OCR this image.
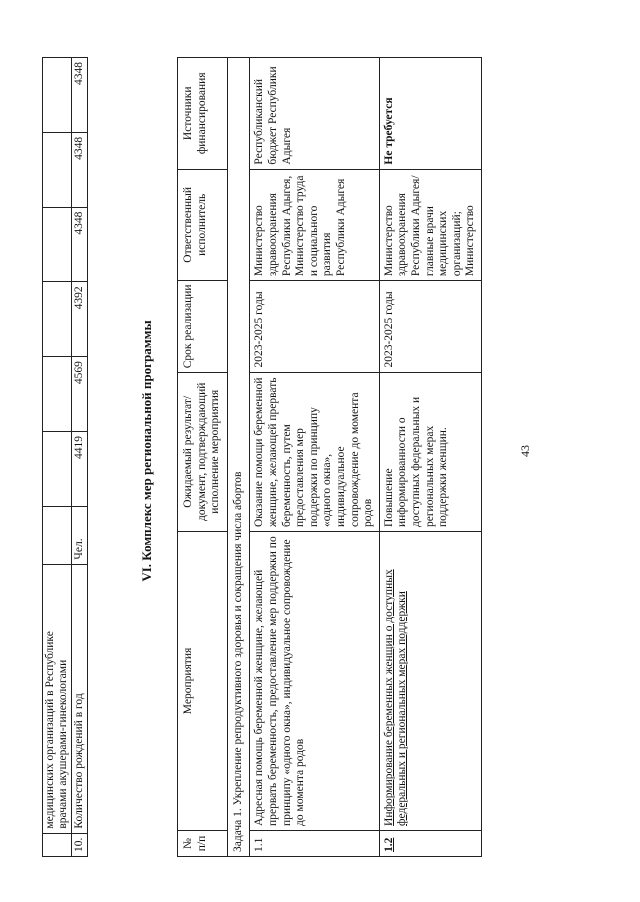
	медицинских организаций в Республике
врачами акушерами-гинекологами							
10.	Количество рождений в год	Чел.	4419	4569	4392	4348	4348	4348
VI. Комплекс мер региональной программы
№ п/п	Мероприятия	Ожидаемый результат/документ, подтверждающий исполнение мероприятия	Срок реализации	Ответственный исполнитель	Источники финансирования
Задача 1. Укрепление репродуктивного здоровья и сокращения числа абортов					
1.1	Адресная помощь беременной женщине, желающей прервать беременность, предоставление мер поддержки по принципу «одного окна», индивидуальное сопровождение до момента родов	Оказание помощи беременной женщине, желающей прервать беременность, путем предоставления мер поддержки по принципу «одного окна», индивидуальное сопровождение до момента родов	2023-2025 годы	Министерство здравоохранения Республики Адыгея, Министерство труда и социального развития Республики Адыгея	Республиканский бюджет Республики Адыгея
1.2	Информирование беременных женщин о доступных федеральных и региональных мерах поддержки	Повышение информированности о доступных федеральных и региональных мерах поддержки женщин.	2023-2025 годы	Министерство здравоохранения Республики Адыгея/ главные врачи медицинских организаций; Министерство	Не требуется
43
